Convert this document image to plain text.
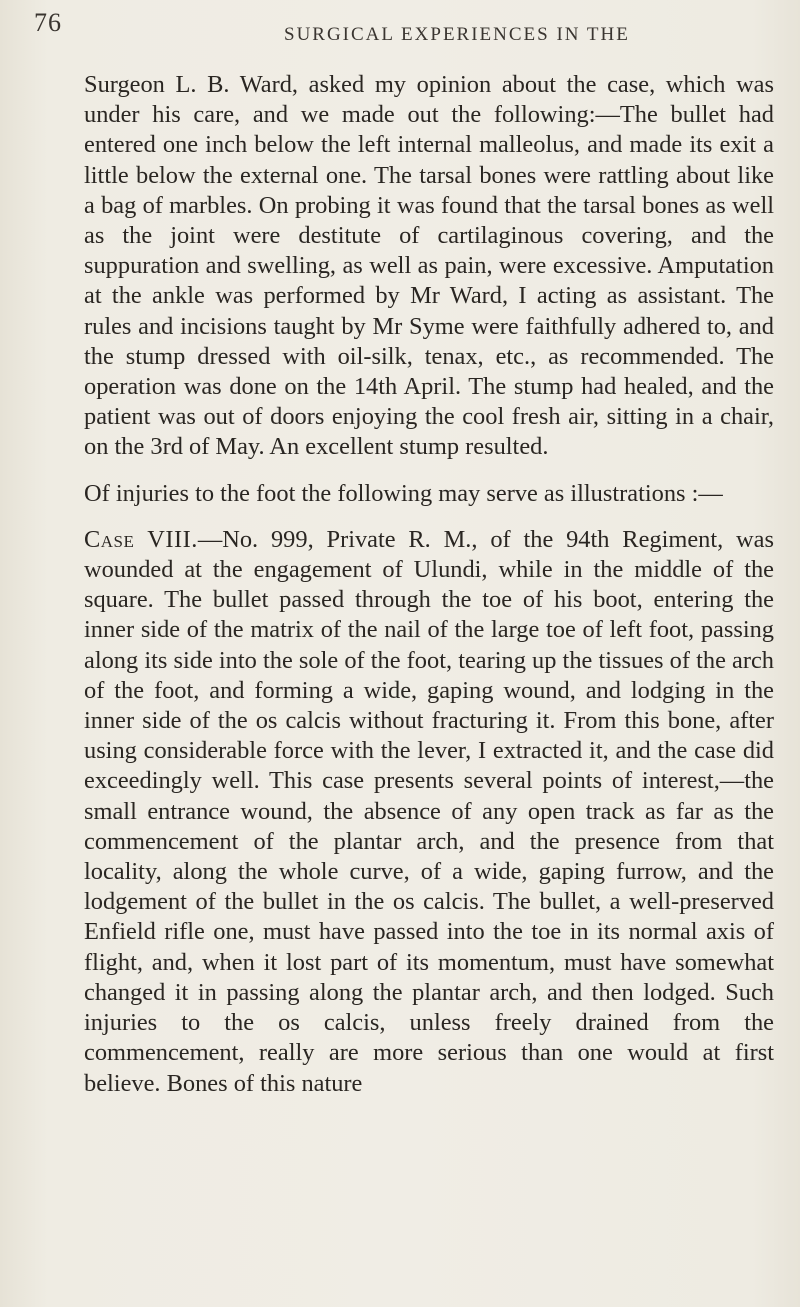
76	SURGICAL EXPERIENCES IN THE

Surgeon L. B. Ward, asked my opinion about the case, which was under his care, and we made out the following:—The bullet had entered one inch below the left internal malleolus, and made its exit a little below the external one. The tarsal bones were rattling about like a bag of marbles. On probing it was found that the tarsal bones as well as the joint were destitute of cartilaginous covering, and the suppuration and swelling, as well as pain, were excessive. Amputation at the ankle was performed by Mr Ward, I acting as assistant. The rules and incisions taught by Mr Syme were faithfully adhered to, and the stump dressed with oil-silk, tenax, etc., as recommended. The operation was done on the 14th April. The stump had healed, and the patient was out of doors enjoying the cool fresh air, sitting in a chair, on the 3rd of May. An excellent stump resulted.

Of injuries to the foot the following may serve as illustrations :—

Case VIII.—No. 999, Private R. M., of the 94th Regiment, was wounded at the engagement of Ulundi, while in the middle of the square. The bullet passed through the toe of his boot, entering the inner side of the matrix of the nail of the large toe of left foot, passing along its side into the sole of the foot, tearing up the tissues of the arch of the foot, and forming a wide, gaping wound, and lodging in the inner side of the os calcis without fracturing it. From this bone, after using considerable force with the lever, I extracted it, and the case did exceedingly well. This case presents several points of interest,—the small entrance wound, the absence of any open track as far as the commencement of the plantar arch, and the presence from that locality, along the whole curve, of a wide, gaping furrow, and the lodgement of the bullet in the os calcis. The bullet, a well-preserved Enfield rifle one, must have passed into the toe in its normal axis of flight, and, when it lost part of its momentum, must have somewhat changed it in passing along the plantar arch, and then lodged. Such injuries to the os calcis, unless freely drained from the commencement, really are more serious than one would at first believe. Bones of this nature
